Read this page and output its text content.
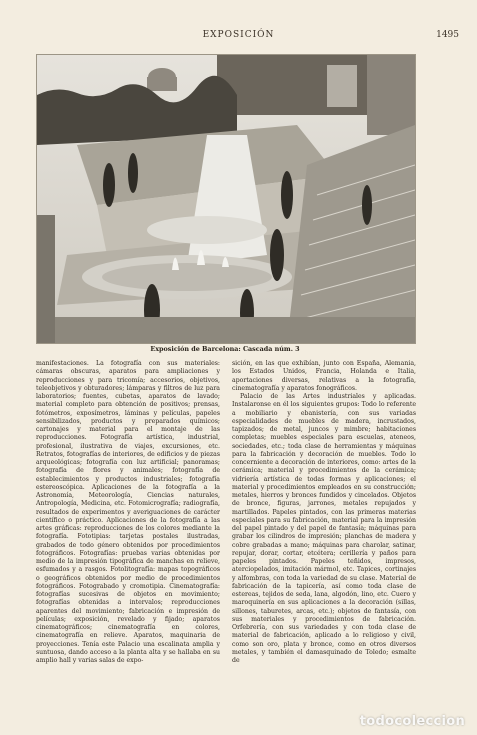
EXPOSICIÓN	1495
Exposición de Barcelona: Cascada núm. 3

manifestaciones. La fotografía con sus materiales: cámaras obscuras, aparatos para ampliaciones y reproducciones y para tricomía; accesorios, objetivos, teleobjetivos y obturadores; lámparas y filtros de luz para laboratorios; fuentes, cubetas, aparatos de lavado; material completo para obtención de positivos; prensas, fotómetros, exposímetros, láminas y películas, papeles sensibilizados, productos y preparados químicos; cartonajes y material para el montaje de las reproducciones. Fotografía artística, industrial, profesional, ilustrativa de viajes, excursiones, etc. Retratos, fotografías de interiores, de edificios y de piezas arqueológicas; fotografía con luz artificial; panoramas; fotografía de flores y animales; fotografía de establecimientos y productos industriales; fotografía estereoscópica. Aplicaciones de la fotografía a la Astronomía, Meteorología, Ciencias naturales, Antropología, Medicina, etc. Fotomicrografía; radiografía, resultados de experimentos y averiguaciones de carácter científico o práctico. Aplicaciones de la fotografía a las artes gráficas: reproducciones de los colores mediante la fotografía. Fototipias: tarjetas postales ilustradas, grabados de todo género obtenidos por procedimientos fotográficos. Fotografías: pruebas varias obtenidas por medio de la impresión tipográfica de manchas en relieve, esfumados y a rasgos. Fotolitografía: mapas topográficos o geográficos obtenidos por medio de procedimientos fotográficos. Fotograbado y cromotipia. Cinematografía: fotografías sucesivas de objetos en movimiento; fotografías obtenidas a intervalos; reproducciones aparentes del movimiento; fabricación e impresión de películas; exposición, revelado y fijado; aparatos cinematográficos; cinematografía en colores, cinematografía en relieve. Aparatos, maquinaria de proyecciones. Tenía este Palacio una escalinata amplia y suntuosa, dando acceso a la planta alta y se hallaba en su amplio hall y varias salas de expo-

sición, en las que exhibían, junto con España, Alemania, los Estados Unidos, Francia, Holanda e Italia, aportaciones diversas, relativas a la fotografía, cinematografía y aparatos fonográficos.

Palacio de las Artes industriales y aplicadas. Instalaronse en él los siguientes grupos: Todo lo referente a mobiliario y ebanistería, con sus variadas especialidades de muebles de madera, incrustados, tapizados; de metal, juncos y mimbre; habitaciones completas; muebles especiales para escuelas, ateneos, sociedades, etc.; toda clase de herramientas y máquinas para la fabricación y decoración de muebles. Todo lo concerniente a decoración de interiores, como: artes de la cerámica; material y procedimientos de la cerámica; vidriería artística de todas formas y aplicaciones; el material y procedimientos empleados en su construcción; metales, hierros y bronces fundidos y cincelados. Objetos de bronce, figuras, jarrones, metales repujados y martillados. Papeles pintados, con las primeras materias especiales para su fabricación, material para la impresión del papel pintado y del papel de fantasía; máquinas para grabar los cilindros de impresión; planchas de madera y cobre grabadas a mano; máquinas para charolar, satinar, repujar, dorar, cortar, etcétera; cerillería y paños para papeles pintados. Papeles teñidos, impresos, aterciopelados, imitación mármol, etc. Tapices, cortinajes y alfombras, con toda la variedad de su clase. Material de fabricación de la tapicería, así como toda clase de estereas, tejidos de seda, lana, algodón, lino, etc. Cuero y maroquinería en sus aplicaciones a la decoración (sillas, sillones, taburetes, arcas, etc.); objetos de fantasía, con sus materiales y procedimientos de fabricación. Orfebrería, con sus variedades y con toda clase de material de fabricación, aplicado a lo religioso y civil, como son oro, plata y bronce, como en otros diversos metales, y también el damasquinado de Toledo; esmalte de

todocoleccion
